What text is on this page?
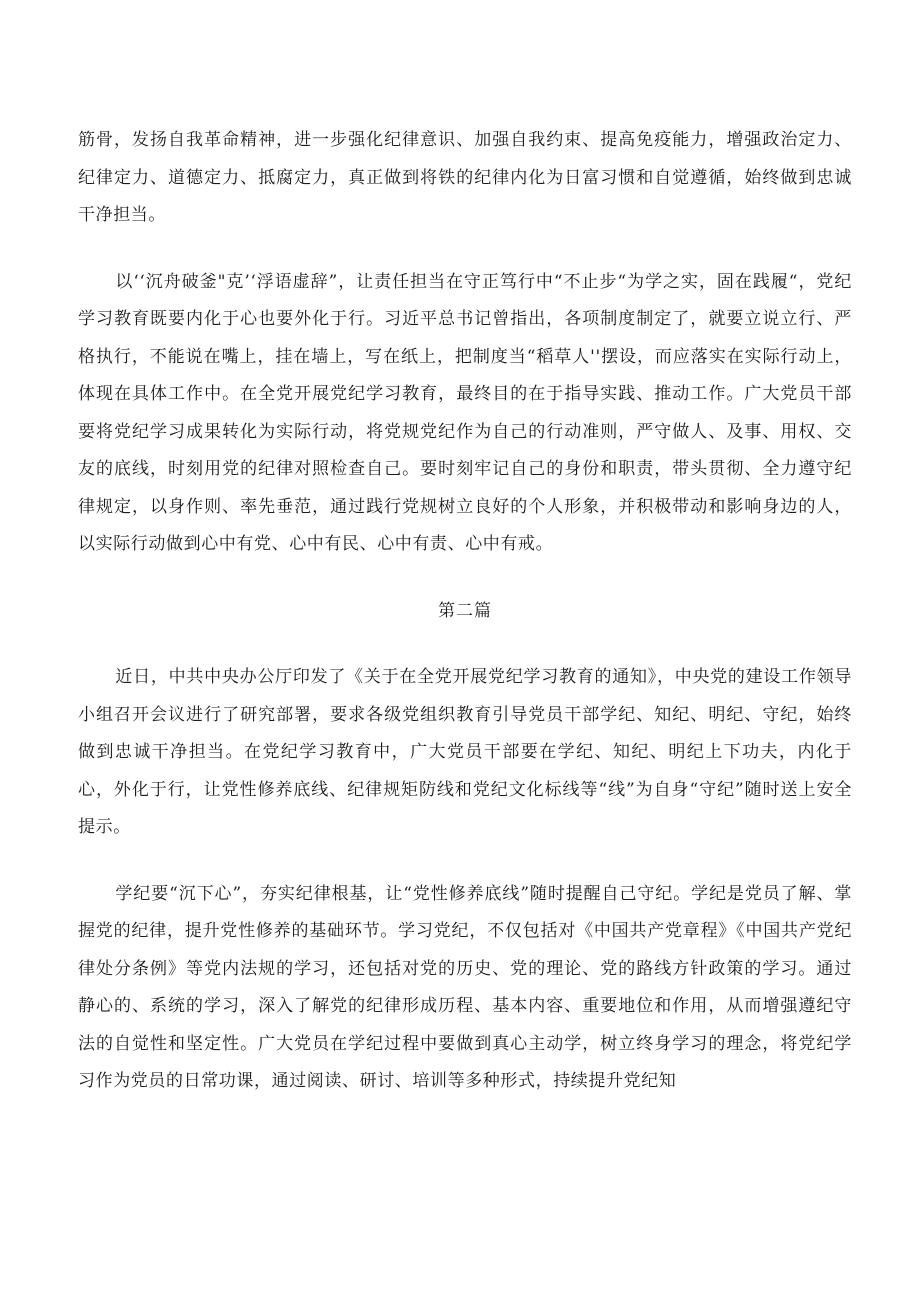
筋骨，发扬自我革命精神，进一步强化纪律意识、加强自我约束、提高免疫能力，增强政治定力、纪律定力、道德定力、抵腐定力，真正做到将铁的纪律内化为日富习惯和自觉遵循，始终做到忠诚干净担当。

以‘‘沉舟破釜"克’‘浮语虚辞”，让责任担当在守正笃行中“不止步“为学之实，固在践履“，党纪学习教育既要内化于心也要外化于行。习近平总书记曾指出，各项制度制定了，就要立说立行、严格执行，不能说在嘴上，挂在墙上，写在纸上，把制度当“稻草人''摆设，而应落实在实际行动上，体现在具体工作中。在全党开展党纪学习教育，最终目的在于指导实践、推动工作。广大党员干部要将党纪学习成果转化为实际行动，将党规党纪作为自己的行动准则，严守做人、及事、用权、交友的底线，时刻用党的纪律对照检查自己。要时刻牢记自己的身份和职责，带头贯彻、全力遵守纪律规定，以身作则、率先垂范，通过践行党规树立良好的个人形象，并积极带动和影响身边的人，以实际行动做到心中有党、心中有民、心中有责、心中有戒。

第二篇

近日，中共中央办公厅印发了《关于在全党开展党纪学习教育的通知》，中央党的建设工作领导小组召开会议进行了研究部署，要求各级党组织教育引导党员干部学纪、知纪、明纪、守纪，始终做到忠诚干净担当。在党纪学习教育中，广大党员干部要在学纪、知纪、明纪上下功夫，内化于心，外化于行，让党性修养底线、纪律规矩防线和党纪文化标线等“线”为自身“守纪”随时送上安全提示。

学纪要“沉下心”，夯实纪律根基，让“党性修养底线”随时提醒自己守纪。学纪是党员了解、掌握党的纪律，提升党性修养的基础环节。学习党纪，不仅包括对《中国共产党章程》《中国共产党纪律处分条例》等党内法规的学习，还包括对党的历史、党的理论、党的路线方针政策的学习。通过静心的、系统的学习，深入了解党的纪律形成历程、基本内容、重要地位和作用，从而增强遵纪守法的自觉性和坚定性。广大党员在学纪过程中要做到真心主动学，树立终身学习的理念，将党纪学习作为党员的日常功课，通过阅读、研讨、培训等多种形式，持续提升党纪知
